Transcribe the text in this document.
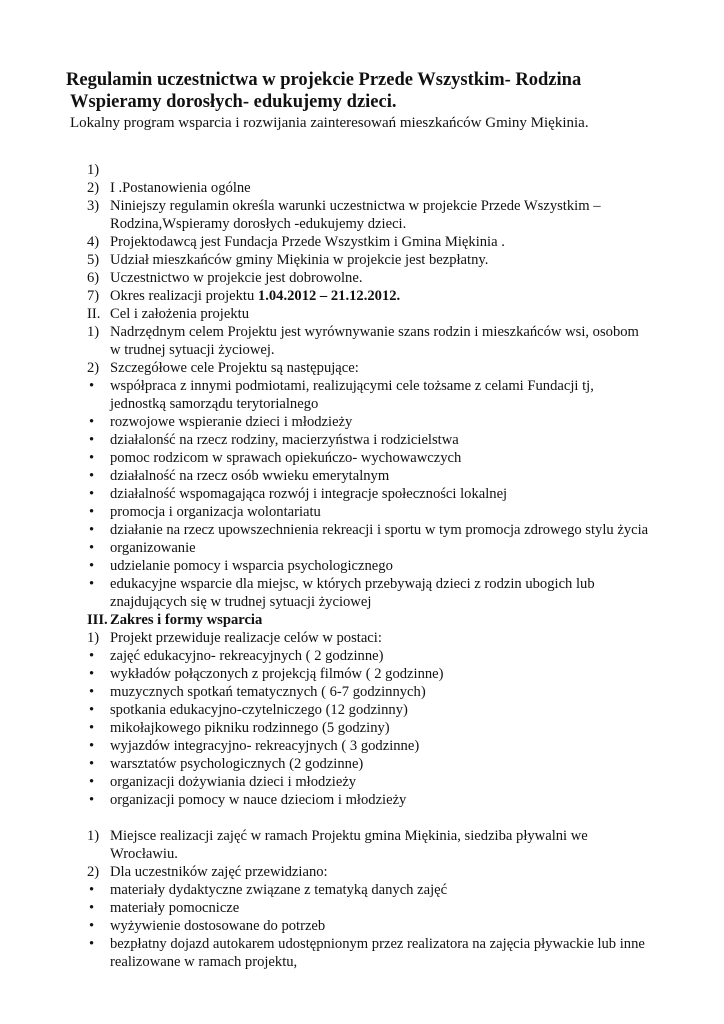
Regulamin uczestnictwa w projekcie Przede Wszystkim- Rodzina
Wspieramy dorosłych- edukujemy dzieci.
Lokalny program wsparcia i rozwijania zainteresowań mieszkańców Gminy Miękinia.
1)
2) I .Postanowienia ogólne
3) Niniejszy regulamin określa warunki uczestnictwa w projekcie Przede Wszystkim – Rodzina,Wspieramy dorosłych -edukujemy dzieci.
4) Projektodawcą jest Fundacja Przede Wszystkim i Gmina Miękinia .
5) Udział mieszkańców gminy Miękinia w projekcie jest bezpłatny.
6) Uczestnictwo w projekcie jest dobrowolne.
7) Okres realizacji projektu 1.04.2012 – 21.12.2012.
II. Cel i założenia projektu
1) Nadrzędnym celem Projektu jest wyrównywanie szans rodzin i mieszkańców wsi, osobom w trudnej sytuacji życiowej.
2) Szczegółowe cele Projektu są następujące:
•	współpraca z innymi podmiotami, realizującymi cele tożsame z celami Fundacji tj, jednostką samorządu terytorialnego
•	rozwojowe wspieranie dzieci i młodzieży
•	działalonść na rzecz rodziny, macierzyństwa i rodzicielstwa
•	pomoc rodzicom w sprawach opiekuńczo- wychowawczych
•	działalność na rzecz osób wwieku emerytalnym
•	działalność wspomagająca rozwój i integracje społeczności lokalnej
•	promocja i organizacja wolontariatu
•	działanie na rzecz upowszechnienia rekreacji i sportu w tym promocja zdrowego stylu życia
•	organizowanie
•	udzielanie pomocy i wsparcia psychologicznego
•	edukacyjne wsparcie dla miejsc, w których przebywają dzieci z rodzin ubogich lub znajdujących się w trudnej sytuacji życiowej
III. Zakres i formy wsparcia
1) Projekt przewiduje realizacje celów w postaci:
•	zajęć edukacyjno- rekreacyjnych ( 2 godzinne)
•	wykładów połączonych z projekcją filmów ( 2 godzinne)
•	muzycznych spotkań tematycznych ( 6-7 godzinnych)
•	spotkania edukacyjno-czytelniczego (12 godzinny)
•	mikołajkowego pikniku rodzinnego (5 godziny)
•	wyjazdów integracyjno- rekreacyjnych ( 3 godzinne)
•	warsztatów psychologicznych (2 godzinne)
•	organizacji dożywiania dzieci i młodzieży
•	organizacji pomocy w nauce dzieciom i młodzieży
1) Miejsce realizacji zajęć w ramach Projektu gmina Miękinia, siedziba pływalni we Wrocławiu.
2) Dla uczestników zajęć przewidziano:
•	materiały dydaktyczne związane z tematyką danych zajęć
•	materiały pomocnicze
•	wyżywienie dostosowane do potrzeb
•	bezpłatny dojazd autokarem udostępnionym przez realizatora na zajęcia pływackie lub inne realizowane w ramach projektu,
